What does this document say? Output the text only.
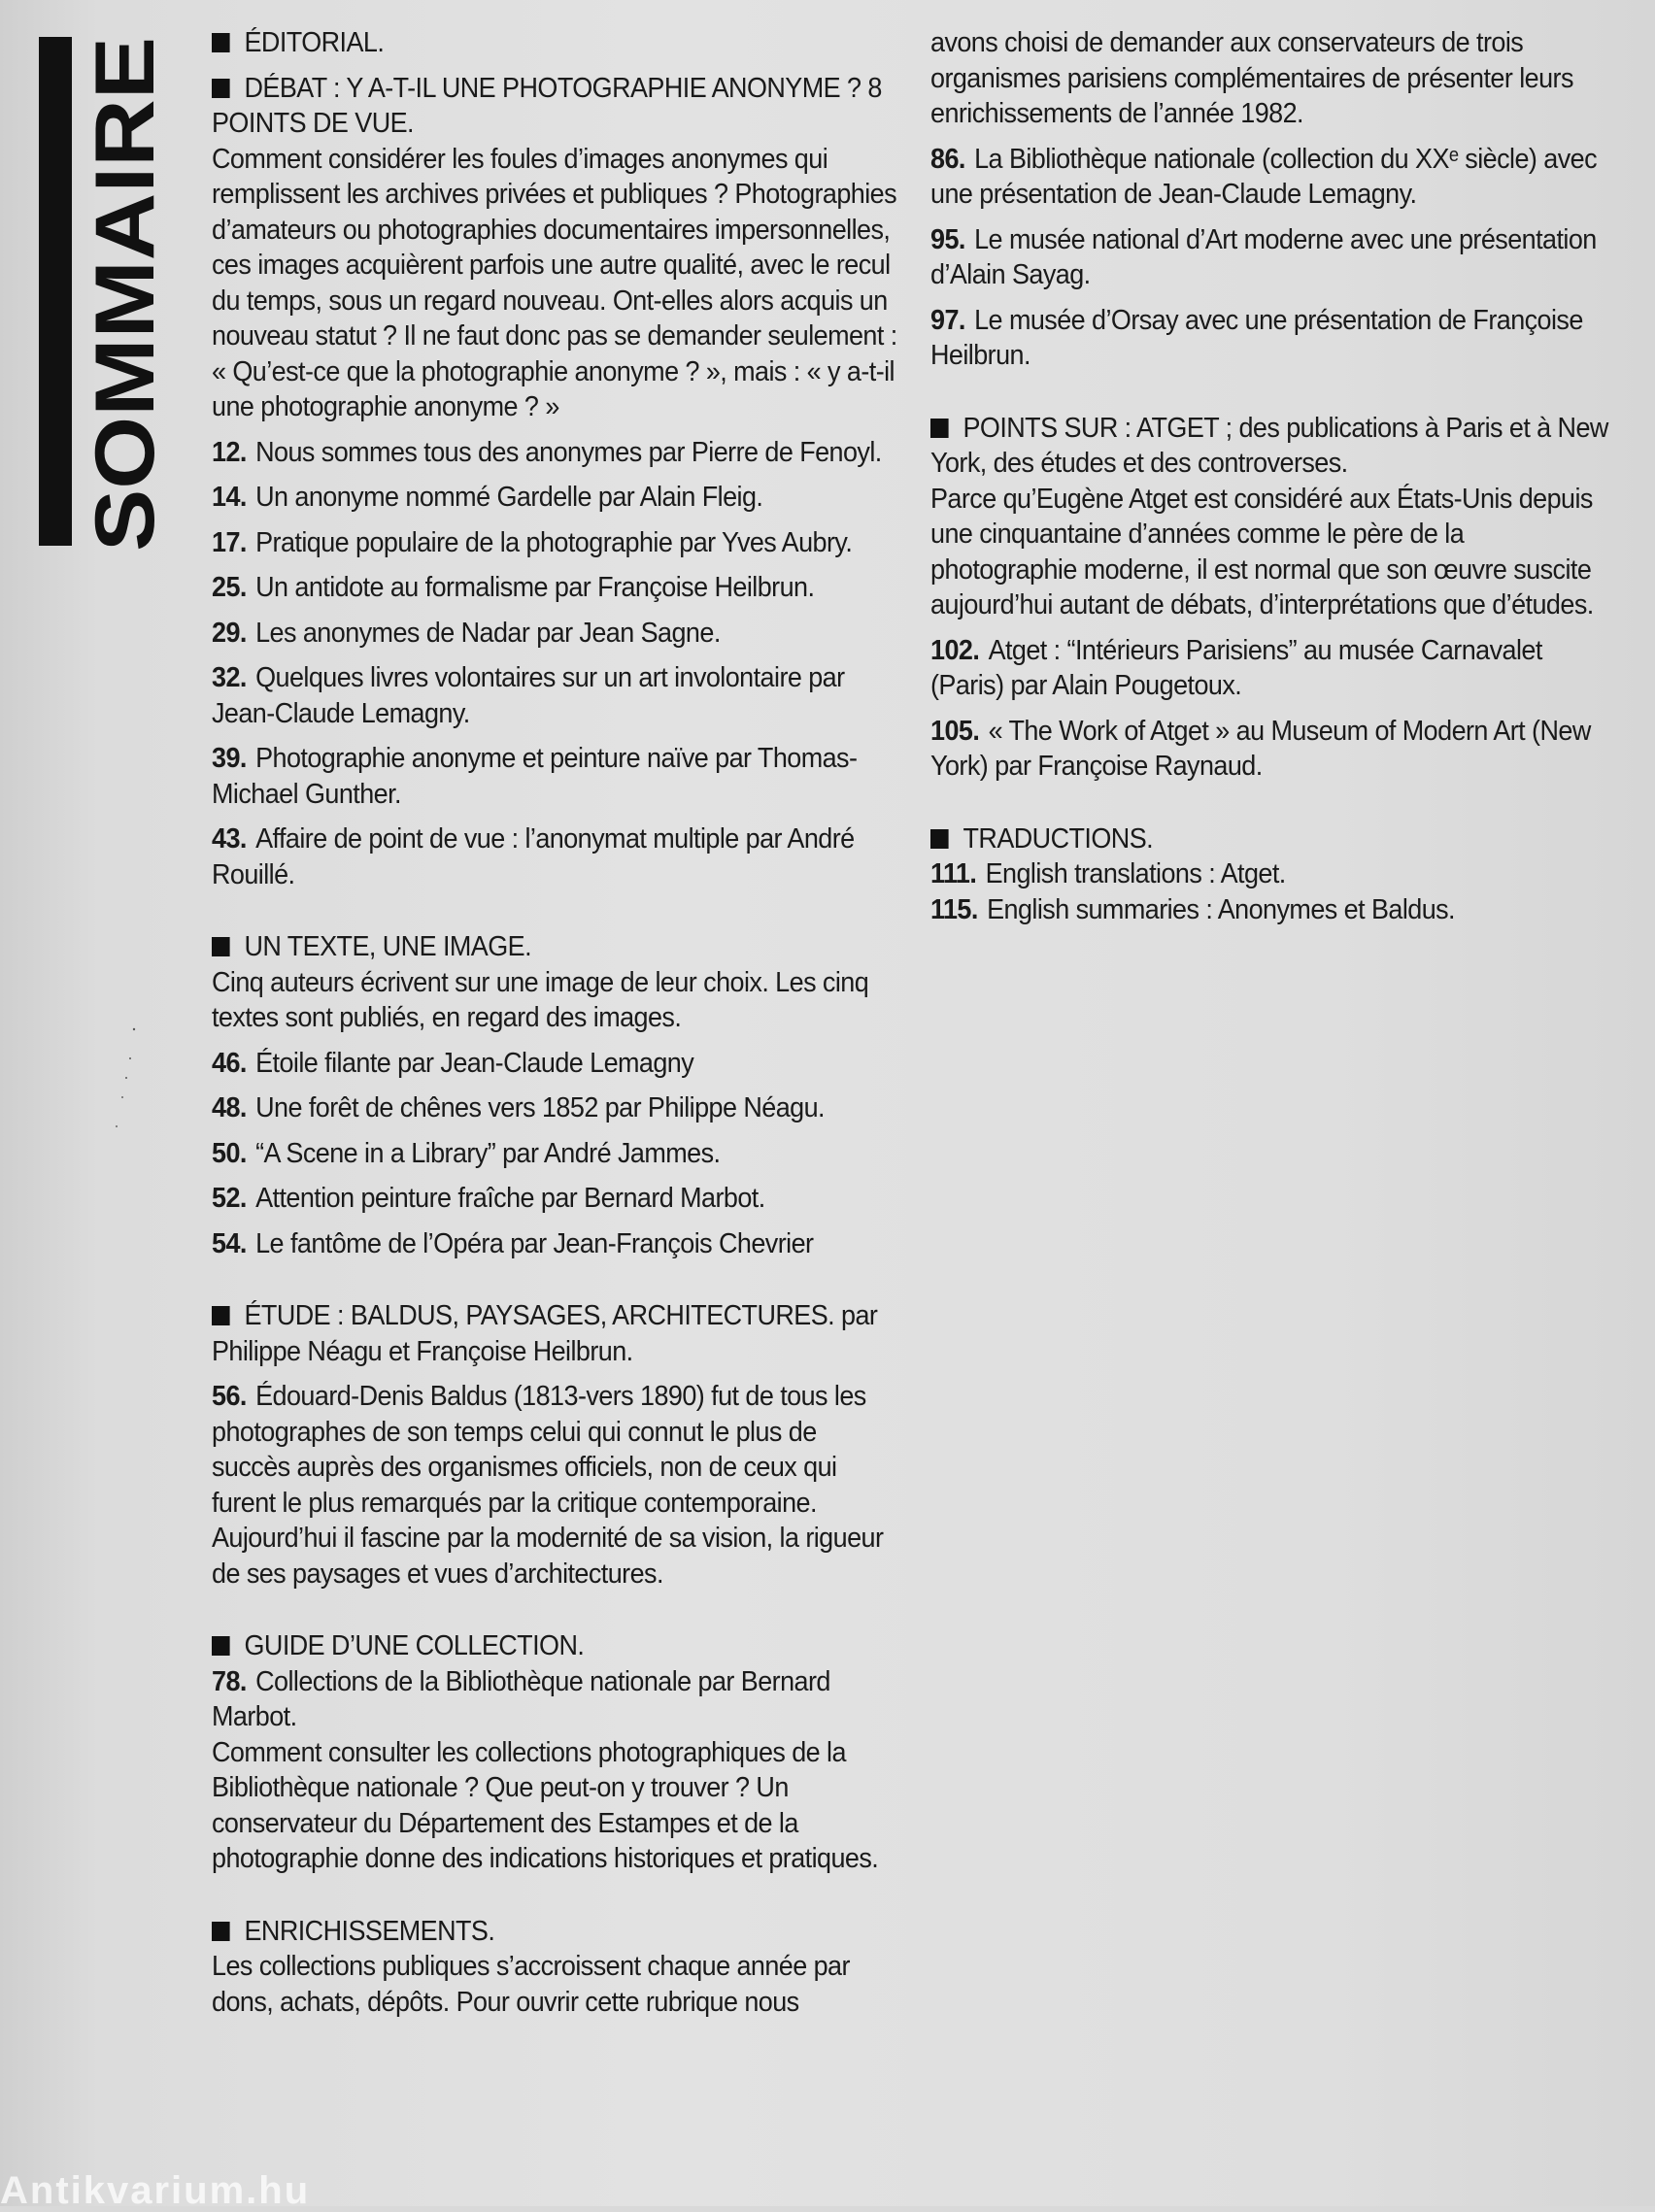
SOMMAIRE
ÉDITORIAL.
DÉBAT : Y A-T-IL UNE PHOTOGRAPHIE ANONYME ? 8 POINTS DE VUE.

Comment considérer les foules d’images anonymes qui remplissent les archives privées et publiques ? Photographies d’amateurs ou photographies documentaires impersonnelles, ces images acquièrent parfois une autre qualité, avec le recul du temps, sous un regard nouveau. Ont-elles alors acquis un nouveau statut ? Il ne faut donc pas se demander seulement : « Qu’est-ce que la photographie anonyme ? », mais : « y a-t-il une photographie anonyme ? »

12. Nous sommes tous des anonymes par Pierre de Fenoyl.
14. Un anonyme nommé Gardelle par Alain Fleig.
17. Pratique populaire de la photographie par Yves Aubry.
25. Un antidote au formalisme par Françoise Heilbrun.
29. Les anonymes de Nadar par Jean Sagne.
32. Quelques livres volontaires sur un art involontaire par Jean-Claude Lemagny.
39. Photographie anonyme et peinture naïve par Thomas-Michael Gunther.
43. Affaire de point de vue : l’anonymat multiple par André Rouillé.
UN TEXTE, UNE IMAGE.

Cinq auteurs écrivent sur une image de leur choix. Les cinq textes sont publiés, en regard des images.

46. Étoile filante par Jean-Claude Lemagny
48. Une forêt de chênes vers 1852 par Philippe Néagu.
50. “A Scene in a Library” par André Jammes.
52. Attention peinture fraîche par Bernard Marbot.
54. Le fantôme de l’Opéra par Jean-François Chevrier
ÉTUDE : BALDUS, PAYSAGES, ARCHITECTURES. par Philippe Néagu et Françoise Heilbrun.
56. Édouard-Denis Baldus (1813-vers 1890) fut de tous les photographes de son temps celui qui connut le plus de succès auprès des organismes officiels, non de ceux qui furent le plus remarqués par la critique contemporaine. Aujourd’hui il fascine par la modernité de sa vision, la rigueur de ses paysages et vues d’architectures.
GUIDE D’UNE COLLECTION.
78. Collections de la Bibliothèque nationale par Bernard Marbot.

Comment consulter les collections photographiques de la Bibliothèque nationale ? Que peut-on y trouver ? Un conservateur du Département des Estampes et de la photographie donne des indications historiques et pratiques.

ENRICHISSEMENTS.

Les collections publiques s’accroissent chaque année par dons, achats, dépôts. Pour ouvrir cette rubrique nous

avons choisi de demander aux conservateurs de trois organismes parisiens complémentaires de présenter leurs enrichissements de l’année 1982.

86. La Bibliothèque nationale (collection du XXᵉ siècle) avec une présentation de Jean-Claude Lemagny.
95. Le musée national d’Art moderne avec une présentation d’Alain Sayag.
97. Le musée d’Orsay avec une présentation de Françoise Heilbrun.
POINTS SUR : ATGET ; des publications à Paris et à New York, des études et des controverses.

Parce qu’Eugène Atget est considéré aux États-Unis depuis une cinquantaine d’années comme le père de la photographie moderne, il est normal que son œuvre suscite aujourd’hui autant de débats, d’interprétations que d’études.

102. Atget : “Intérieurs Parisiens” au musée Carnavalet (Paris) par Alain Pougetoux.
105. « The Work of Atget » au Museum of Modern Art (New York) par Françoise Raynaud.
TRADUCTIONS.
111. English translations : Atget.
115. English summaries : Anonymes et Baldus.
Antikvarium.hu
